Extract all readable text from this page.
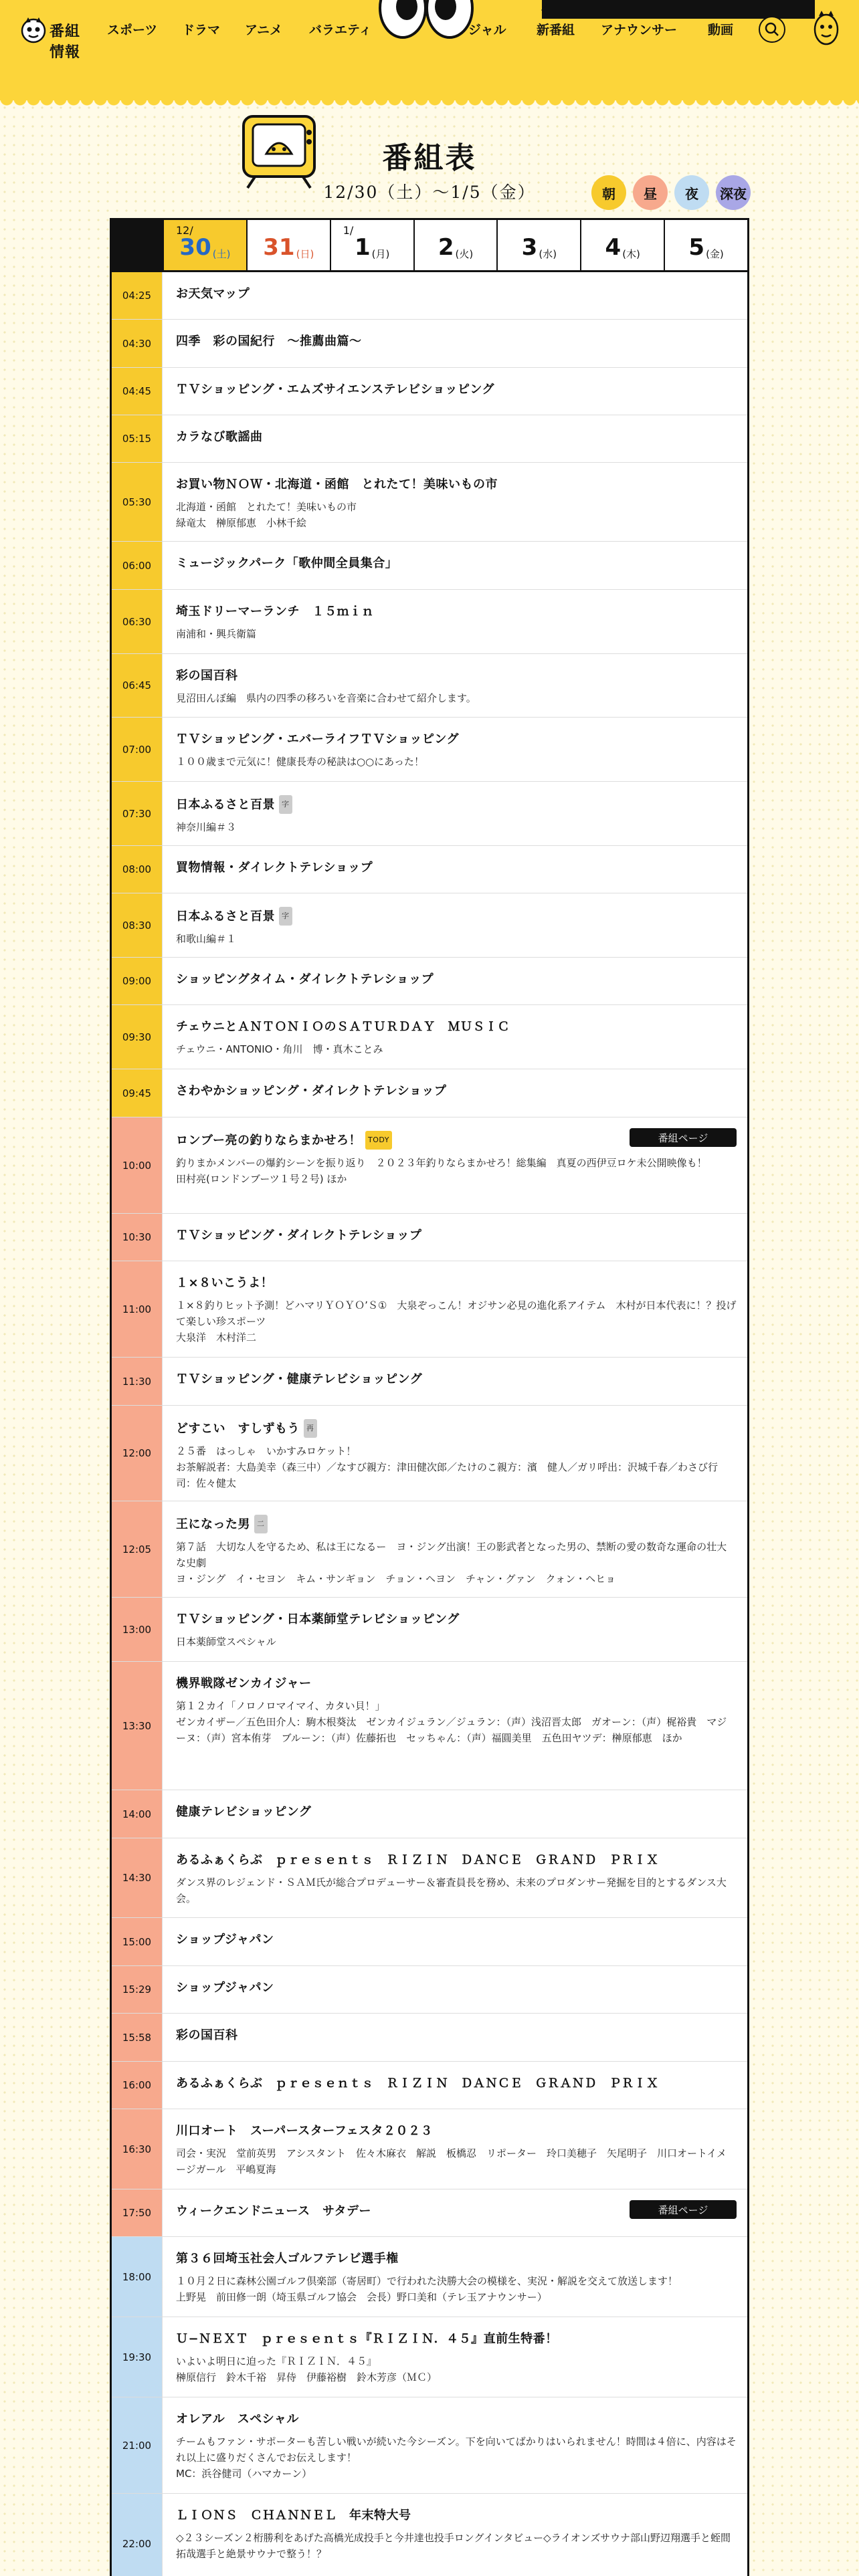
番組情報
スポーツ ドラマ アニメ バラエティ	ジャル 新番組 アナウンサー 動画
〈
番組表
12/30（土）〜1/5（金）	朝 昼 夜 深夜
12/
30 (土) 31 (日)
1/
1 (月) 2 (火) 3 (水) 4 (木) 5 (金)
04:25	お天気マップ
04:30	四季　彩の国紀行　〜推薦曲篇〜
04:45	ＴＶショッピング・エムズサイエンステレビショッピング
05:15	カラなび歌謡曲
05:30
お買い物ＮＯＷ・北海道・函館　とれたて！美味いもの市
北海道・函館　とれたて！美味いもの市
緑竜太　榊原郁恵　小林千絵
06:00	ミュージックパーク「歌仲間全員集合」
06:30
埼玉ドリーマーランチ　１５ｍｉｎ
南浦和・興兵衛篇
06:45
彩の国百科
見沼田んぼ編　県内の四季の移ろいを音楽に合わせて紹介します。
07:00
ＴＶショッピング・エバーライフＴＶショッピング
１００歳まで元気に！健康長寿の秘訣は○○にあった！
07:30
日本ふるさと百景 字
神奈川編＃３
08:00	買物情報・ダイレクトテレショップ
08:30
日本ふるさと百景 字
和歌山編＃１
09:00	ショッピングタイム・ダイレクトテレショップ
09:30
チェウニとＡＮＴＯＮＩＯのＳＡＴＵＲＤＡＹ　ＭＵＳＩＣ
チェウニ・ANTONIO・角川　博・真木ことみ
09:45	さわやかショッピング・ダイレクトテレショップ
10:00
ロンブー亮の釣りならまかせろ！ TODY
釣りまかメンバーの爆釣シーンを振り返り　２０２３年釣りならまかせろ！総集編　真夏の西伊豆ロケ未公開映像も！
田村亮(ロンドンブーツ１号２号) ほか
番組ページ
10:30	ＴＶショッピング・ダイレクトテレショップ
11:00
１×８いこうよ！
１×８釣りヒット予測！どハマリＹＯＹＯ’Ｓ①　大泉ぞっこん！オジサン必見の進化系アイテム　木村が日本代表に！？投げて楽しい珍スポーツ
大泉洋　木村洋二
11:30	ＴＶショッピング・健康テレビショッピング
12:00
どすこい　すしずもう 再
２５番　はっしゃ　いかすみロケット！
お茶解説者：大島美幸（森三中）／なすび親方：津田健次郎／たけのこ親方：濱　健人／ガリ呼出：沢城千春／わさび行司：佐々健太
12:05
王になった男 二
第７話　大切な人を守るため、私は王になるー　ヨ・ジング出演！王の影武者となった男の、禁断の愛の数奇な運命の壮大な史劇
ヨ・ジング　イ・セヨン　キム・サンギョン　チョン・ヘヨン　チャン・グァン　クォン・ヘヒョ
13:00
ＴＶショッピング・日本薬師堂テレビショッピング
日本薬師堂スペシャル
13:30
機界戦隊ゼンカイジャー
第１２カイ「ノロノロマイマイ、カタい貝！」
ゼンカイザー／五色田介人：駒木根葵汰　ゼンカイジュラン／ジュラン：（声）浅沼晋太郎　ガオーン：（声）梶裕貴　マジーヌ：（声）宮本侑芽　ブルーン：（声）佐藤拓也　セッちゃん：（声）福圓美里　五色田ヤツデ：榊原郁恵　ほか
14:00	健康テレビショッピング
14:30
あるふぁくらぶ　ｐｒｅｓｅｎｔｓ　ＲＩＺＩＮ　ＤＡＮＣＥ　ＧＲＡＮＤ　ＰＲＩＸ
ダンス界のレジェンド・ＳＡＭ氏が総合プロデューサー＆審査員長を務め、未来のプロダンサー発掘を目的とするダンス大会。
15:00	ショップジャパン
15:29	ショップジャパン
15:58	彩の国百科
16:00	あるふぁくらぶ　ｐｒｅｓｅｎｔｓ　ＲＩＺＩＮ　ＤＡＮＣＥ　ＧＲＡＮＤ　ＰＲＩＸ
16:30
川口オート　スーパースターフェスタ２０２３
司会・実況　堂前英男　アシスタント　佐々木麻衣　解説　板橋忍　リポーター　玲口美穂子　矢尾明子　川口オートイメージガール　平嶋夏海
17:50	ウィークエンドニュース　サタデー	番組ページ
18:00
第３６回埼玉社会人ゴルフテレビ選手権
１０月２日に森林公園ゴルフ倶楽部（寄居町）で行われた決勝大会の模様を、実況・解説を交えて放送します！
上野晃　前田修一朗（埼玉県ゴルフ協会　会長）野口美和（テレ玉アナウンサー）
19:30
Ｕ−ＮＥＸＴ　ｐｒｅｓｅｎｔｓ『ＲＩＺＩＮ．４５』直前生特番！
いよいよ明日に迫った『ＲＩＺＩＮ．４５』
榊原信行　鈴木千裕　昇侍　伊藤裕樹　鈴木芳彦（ＭＣ）
21:00
オレアル　スペシャル
チームもファン・サポーターも苦しい戦いが続いた今シーズン。下を向いてばかりはいられません！時間は４倍に、内容はそれ以上に盛りだくさんでお伝えします！
MC：浜谷健司（ハマカーン）
22:00
ＬＩＯＮＳ　ＣＨＡＮＮＥＬ　年末特大号
◇２３シーズン２桁勝利をあげた高橋光成投手と今井達也投手ロングインタビュー◇ライオンズサウナ部山野辺翔選手と蛭間拓哉選手と絶景サウナで整う！？
